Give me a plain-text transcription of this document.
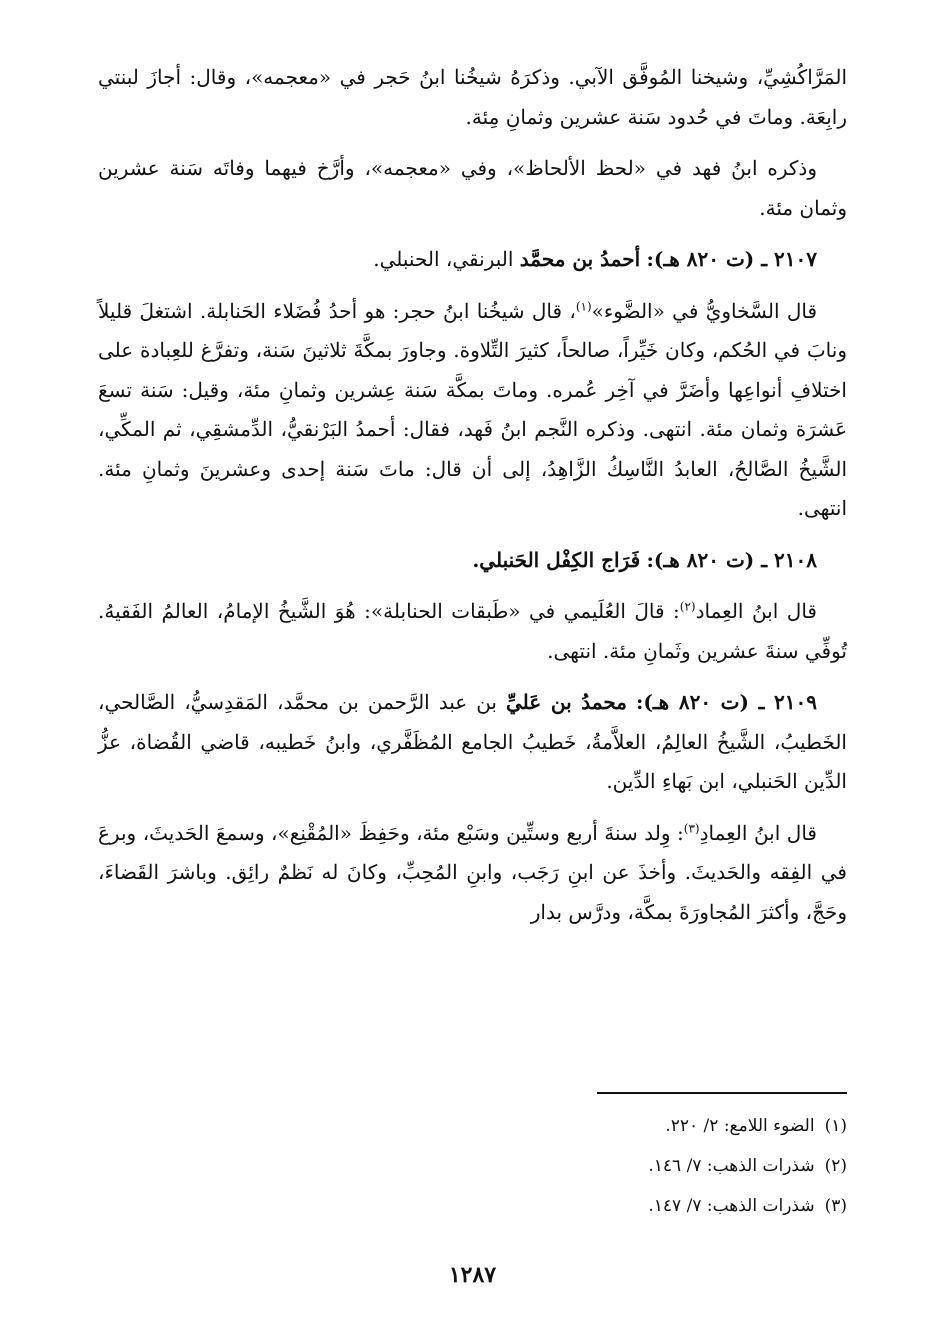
المَرَّاكُشِيِّ، وشيخنا المُوفَّق الآبي. وذكرَهُ شيخُنا ابنُ حَجر في «معجمه»، وقال: أجازَ لبنتي رابِعَة. وماتَ في حُدود سَنة عشرين وثمانِ مِئة.

وذكره ابنُ فهد في «لحظ الألحاظ»، وفي «معجمه»، وأرَّخ فيهما وفاتَه سَنة عشرين وثمان مئة.

٢١٠٧ ـ (ت ٨٢٠ هـ): أحمدُ بن محمَّد البرنقي، الحنبلي.

قال السَّخاويُّ في «الضَّوء»$^{(١)}$، قال شيخُنا ابنُ حجر: هو أحدُ فُضَلاء الحَنابلة. اشتغلَ قليلاً ونابَ في الحُكم، وكان خَيِّراً، صالحاً، كثيرَ التِّلاوة. وجاورَ بمكَّةَ ثلاثينَ سَنة، وتفرَّغ للعِبادة على اختلافِ أنواعِها وأضَرَّ في آخِر عُمره. وماتَ بمكَّة سَنة عِشرين وثمانِ مئة، وقيل: سَنة تسعَ عَشرَة وثمان مئة. انتهى. وذكره النَّجم ابنُ فَهد، فقال: أحمدُ البَرْنقيُّ، الدِّمشقِي، ثم المكِّي، الشَّيخُ الصَّالحُ، العابدُ النَّاسِكُ الزَّاهِدُ، إلى أن قال: ماتَ سَنة إحدى وعشرينَ وثمانِ مئة. انتهى.

٢١٠٨ ـ (ت ٨٢٠ هـ): فَرَاج الكِفْل الحَنبلي.

قال ابنُ العِماد$^{(٢)}$: قالَ العُلَيمي في «طَبقات الحنابلة»: هُوَ الشَّيخُ الإمامُ، العالمُ الفَقيهُ. تُوفِّي سنةَ عشرين وثَمانِ مئة. انتهى.

٢١٠٩ ـ (ت ٨٢٠ هـ): محمدُ بن عَليِّ بن عبد الرَّحمن بن محمَّد، المَقدِسيُّ، الصَّالحي، الخَطيبُ، الشَّيخُ العالِمُ، العلاَّمةُ، خَطيبُ الجامع المُظَفَّري، وابنُ خَطيبه، قاضي القُضاة، عزُّ الدِّين الحَنبلي، ابن بَهاءِ الدِّين.

قال ابنُ العِمادِ$^{(٣)}$: وِلد سنةَ أربع وستِّين وسَبْع مئة، وحَفِظَ «المُقْنِع»، وسمعَ الحَديثَ، وبرعَ في الفِقه والحَديثَ. وأخذَ عن ابنِ رَجَب، وابنِ المُحِبِّ، وكانَ له نَظمٌ رائِق. وباشرَ القَضاءَ، وحَجَّ، وأكثرَ المُجاورَةَ بمكَّة، ودرَّس بدار

(١)الضوء اللامع: ٢/ ٢٢٠.
(٢)شذرات الذهب: ٧/ ١٤٦.
(٣)شذرات الذهب: ٧/ ١٤٧.
١٢٨٧
